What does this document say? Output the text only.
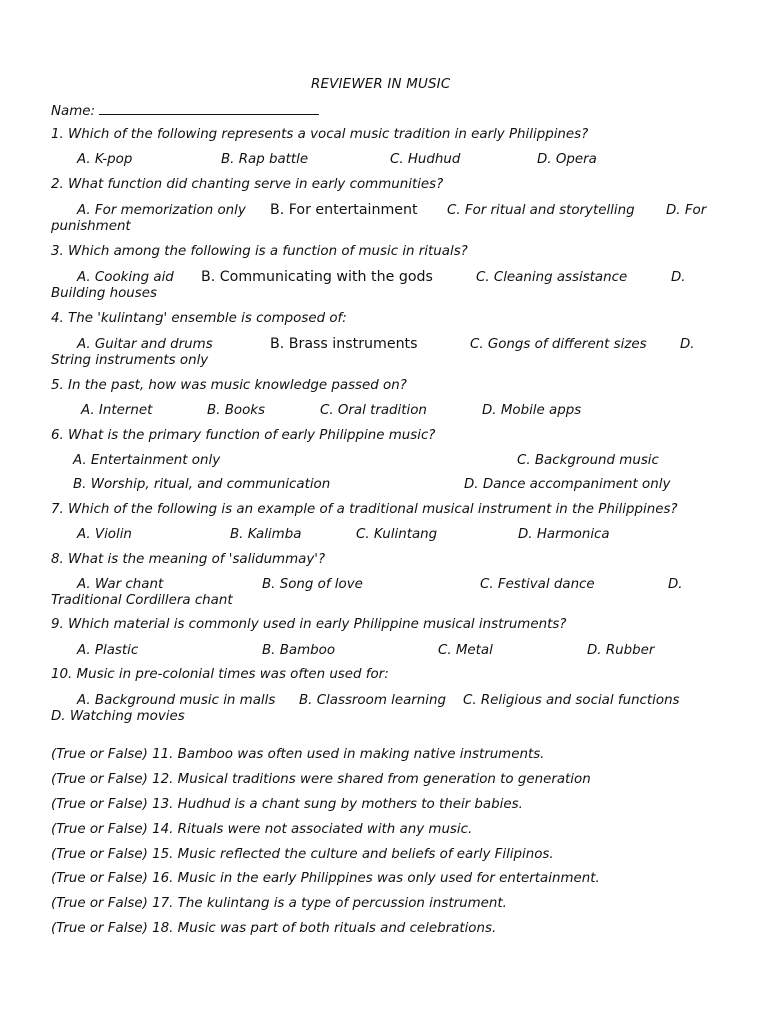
REVIEWER IN MUSIC
Name:
1. Which of the following represents a vocal music tradition in early Philippines?
A. K-pop	B. Rap battle	C. Hudhud	D. Opera
2. What function did chanting serve in early communities?
A. For memorization only B. For entertainment C. For ritual and storytelling D. For
punishment
3. Which among the following is a function of music in rituals?
A. Cooking aid B. Communicating with the gods	C. Cleaning assistance	D.
Building houses
4. The 'kulintang' ensemble is composed of:
A. Guitar and drums	B. Brass instruments	C. Gongs of different sizes D.
String instruments only
5. In the past, how was music knowledge passed on?
A. Internet	B. Books	C. Oral tradition	D. Mobile apps
6. What is the primary function of early Philippine music?
A. Entertainment only	C. Background music
B. Worship, ritual, and communication	D. Dance accompaniment only
7. Which of the following is an example of a traditional musical instrument in the Philippines?
A. Violin	B. Kalimba	C. Kulintang	D. Harmonica
8. What is the meaning of 'salidummay'?
A. War chant	B. Song of love	C. Festival dance	D.
Traditional Cordillera chant
9. Which material is commonly used in early Philippine musical instruments?
A. Plastic	B. Bamboo	C. Metal	D. Rubber
10. Music in pre-colonial times was often used for:
A. Background music in malls B. Classroom learning C. Religious and social functions
D. Watching movies
(True or False) 11. Bamboo was often used in making native instruments.
(True or False) 12. Musical traditions were shared from generation to generation
(True or False) 13. Hudhud is a chant sung by mothers to their babies.
(True or False) 14. Rituals were not associated with any music.
(True or False) 15. Music reflected the culture and beliefs of early Filipinos.
(True or False) 16. Music in the early Philippines was only used for entertainment.
(True or False) 17. The kulintang is a type of percussion instrument.
(True or False) 18. Music was part of both rituals and celebrations.
